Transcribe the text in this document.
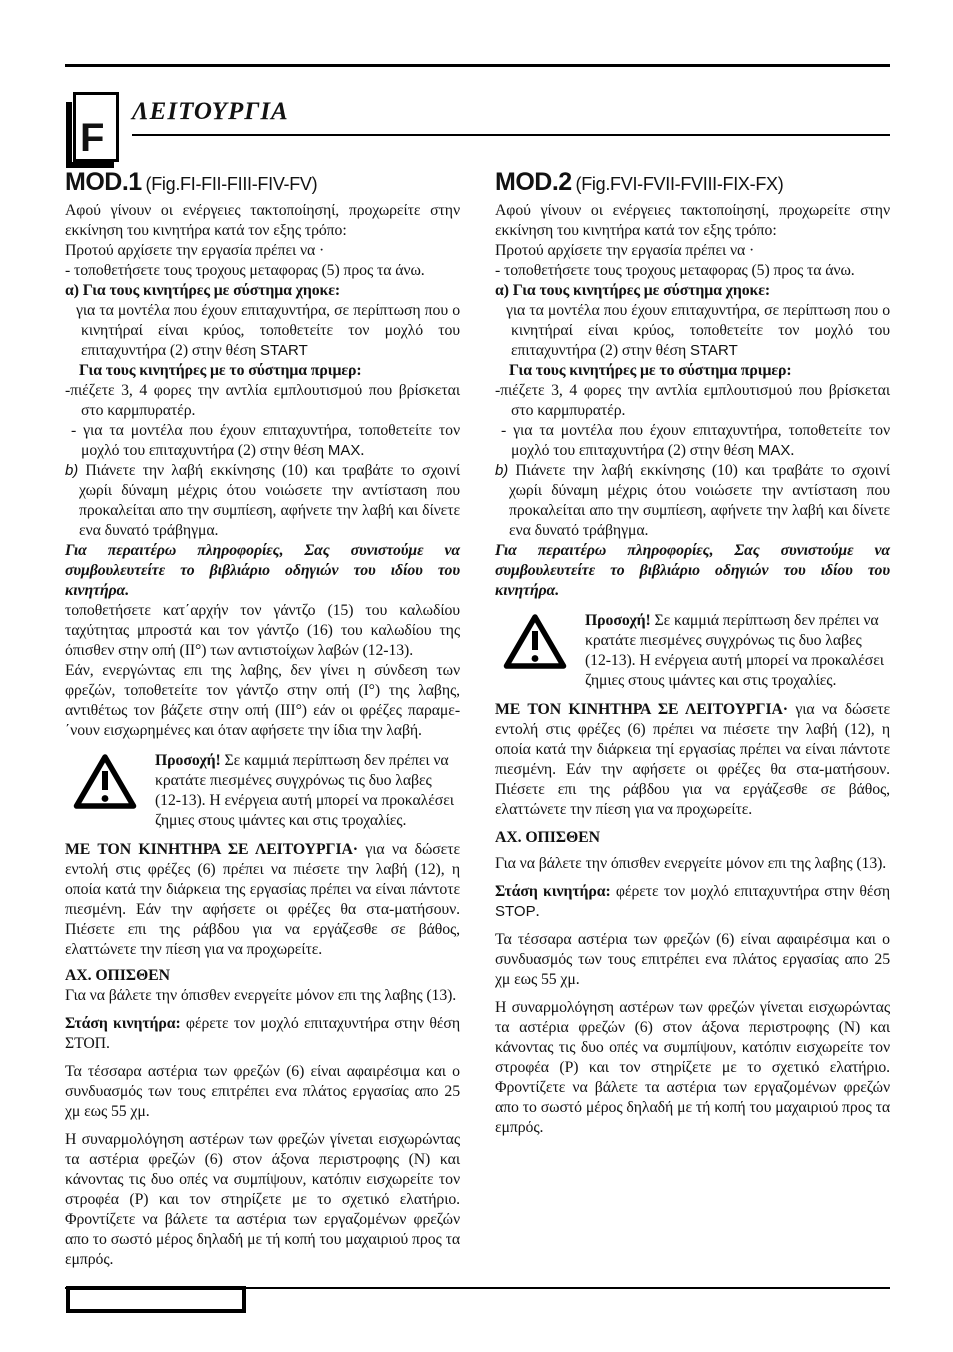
F
ΛΕΙΤΟΥΡΓΙΑ
MOD.1 (Fig.FI-FII-FIII-FIV-FV)

Αφού γίνουν οι ενέργειες τακτοποίησηί, προχωρείτε στην εκκίνηση του κινητήρα κατά τον εξης τρόπο:

Προτού αρχίσετε την εργασία πρέπει να ·

- τοποθετήσετε τους τροχους μεταφορας (5) προς τα άνω.

α) Για τους κινητήρες με σύστημα χηοκε:

για τα μοντέλα που έχουν επιταχυντήρα, σε περίπτωση που ο κινητήραί είναι κρύος, τοποθετείτε τον μοχλό του επιταχυντήρα (2) στην θέση START

Για τους κινητήρες με το σύστημα πριμερ:

-πιέζετε 3, 4 φορες την αντλία εμπλουτισμού που βρίσκεται στο καρμπυρατέρ.

- για τα μοντέλα που έχουν επιταχυντήρα, τοποθετείτε τον μοχλό του επιταχυντήρα (2) στην θέση MAX.

b) Πιάνετε την λαβή εκκίνησης (10) και τραβάτε το σχοινί χωρίι δύναμη μέχρις ότου νοιώσετε την αντίσταση που προκαλείται απο την συμπίεση, αφήνετε την λαβή και δίνετε ενα δυνατό τράβηγμα.

Για περαιτέρω πληροφορίες, Σας συνιστούμε να συμβουλευτείτε το βιβλιάριο οδηγιών του ιδίου του κινητήρα.

τοποθετήσετε κατ΄αρχήν τον γάντζο (15) του καλωδίου ταχύτητας μπροστά και τον γάντζο (16) του καλωδίου της όπισθεν στην οπή (ΙΙ°) των αντιστοίχων λαβών (12-13).

Εάν, ενεργώντας επι της λαβης, δεν γίνει η σύνδεση των φρεζών, τοποθετείτε τον γάντζο στην οπή (Ι°) της λαβης, αντιθέτως τον βάζετε στην οπή (ΙΙΙ°) εάν οι φρέζες παραμε-΄νουν εισχωρημένες και όταν αφήσετε την ίδια την λαβή.

Προσοχή! Σε καμμιά περίπτωση δεν πρέπει να κρατάτε πιεσμένες συγχρόνως τις δυο λαβες (12-13). Η ενέργεια αυτή μπορεί να προκαλέσει ζημιες στους ιμάντες και στις τροχαλίες.

ΜΕ ΤΟΝ ΚΙΝΗΤΗΡΑ ΣΕ ΛΕΙΤΟΥΡΓΙΑ· για να δώσετε εντολή στις φρέζες (6) πρέπει να πιέσετε την λαβή (12), η οποία κατά την διάρκεια της εργασίας πρέπει να είναι πάντοτε πιεσμένη. Εάν την αφήσετε οι φρέζες θα στα-ματήσουν. Πιέσετε επι της ράβδου για να εργάζεσθε σε βάθος, ελαττώνετε την πίεση για να προχωρείτε.

ΑΧ. ΟΠΙΣΘΕΝ

Για να βάλετε την όπισθεν ενεργείτε μόνον επι της λαβης (13).

Στάση κινητήρα: φέρετε τον μοχλό επιταχυντήρα στην θέση ΣΤΟΠ.

Τα τέσσαρα αστέρια των φρεζών (6) είναι αφαιρέσιμα και ο συνδυασμός των τους επιτρέπει ενα πλάτος εργασίας απο 25 χμ εως 55 χμ.

Η συναρμολόγηση αστέρων των φρεζών γίνεται εισχωρώντας τα αστέρια φρεζών (6) στον άξονα περιστροφης (Ν) και κάνοντας τις δυο οπές να συμπίψουν, κατόπιν εισχωρείτε τον στροφέα (Ρ) και τον στηρίζετε με το σχετικό ελατήριο. Φροντίζετε να βάλετε τα αστέρια των εργαζομένων φρεζών απο το σωστό μέρος δηλαδή με τή κοπή του μαχαιριού προς τα εμπρός.

MOD.2 (Fig.FVI-FVII-FVIII-FIX-FX)

Αφού γίνουν οι ενέργειες τακτοποίησηί, προχωρείτε στην εκκίνηση του κινητήρα κατά τον εξης τρόπο:

Προτού αρχίσετε την εργασία πρέπει να ·

- τοποθετήσετε τους τροχους μεταφορας (5) προς τα άνω.

α) Για τους κινητήρες με σύστημα χηοκε:

για τα μοντέλα που έχουν επιταχυντήρα, σε περίπτωση που ο κινητήραί είναι κρύος, τοποθετείτε τον μοχλό του επιταχυντήρα (2) στην θέση START

Για τους κινητήρες με το σύστημα πριμερ:

-πιέζετε 3, 4 φορες την αντλία εμπλουτισμού που βρίσκεται στο καρμπυρατέρ.

- για τα μοντέλα που έχουν επιταχυντήρα, τοποθετείτε τον μοχλό του επιταχυντήρα (2) στην θέση MAX.

b) Πιάνετε την λαβή εκκίνησης (10) και τραβάτε το σχοινί χωρίι δύναμη μέχρις ότου νοιώσετε την αντίσταση που προκαλείται απο την συμπίεση, αφήνετε την λαβή και δίνετε ενα δυνατό τράβηγμα.

Για περαιτέρω πληροφορίες, Σας συνιστούμε να συμβουλευτείτε το βιβλιάριο οδηγιών του ιδίου του κινητήρα.

Προσοχή! Σε καμμιά περίπτωση δεν πρέπει να κρατάτε πιεσμένες συγχρόνως τις δυο λαβες (12-13). Η ενέργεια αυτή μπορεί να προκαλέσει ζημιες στους ιμάντες και στις τροχαλίες.

ΜΕ ΤΟΝ ΚΙΝΗΤΗΡΑ ΣΕ ΛΕΙΤΟΥΡΓΙΑ· για να δώσετε εντολή στις φρέζες (6) πρέπει να πιέσετε την λαβή (12), η οποία κατά την διάρκεια τηί εργασίας πρέπει να είναι πάντοτε πιεσμένη. Εάν την αφήσετε οι φρέζες θα στα-ματήσουν. Πιέσετε επι της ράβδου για να εργάζεσθε σε βάθος, ελαττώνετε την πίεση για να προχωρείτε.

ΑΧ. ΟΠΙΣΘΕΝ

Για να βάλετε την όπισθεν ενεργείτε μόνον επι της λαβης (13).

Στάση κινητήρα: φέρετε τον μοχλό επιταχυντήρα στην θέση STOP.

Τα τέσσαρα αστέρια των φρεζών (6) είναι αφαιρέσιμα και ο συνδυασμός των τους επιτρέπει ενα πλάτος εργασίας απο 25 χμ εως 55 χμ.

Η συναρμολόγηση αστέρων των φρεζών γίνεται εισχωρώντας τα αστέρια φρεζών (6) στον άξονα περιστροφης (Ν) και κάνοντας τις δυο οπές να συμπίψουν, κατόπιν εισχωρείτε τον στροφέα (Ρ) και τον στηρίζετε με το σχετικό ελατήριο. Φροντίζετε να βάλετε τα αστέρια των εργαζομένων φρεζών απο το σωστό μέρος δηλαδή με τή κοπή του μαχαιριού προς τα εμπρός.
